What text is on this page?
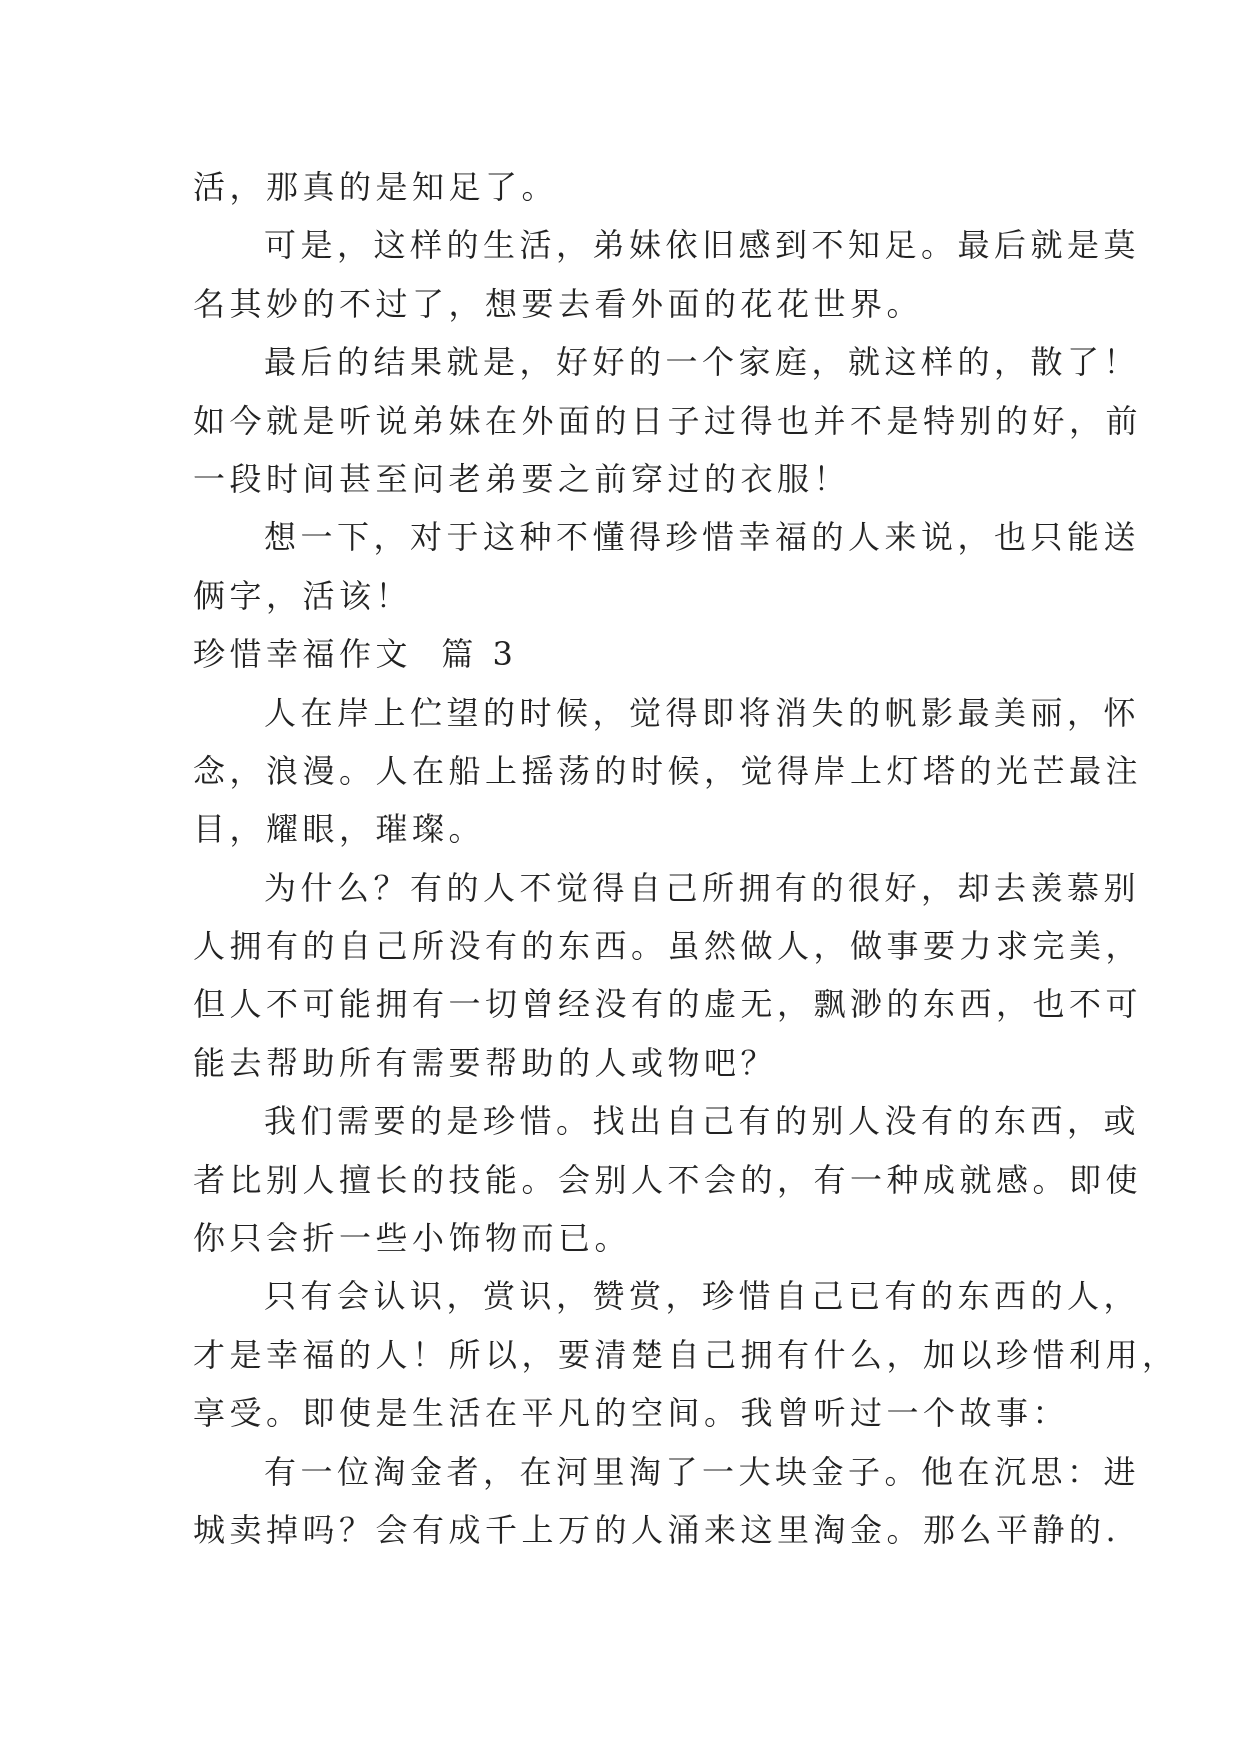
活，那真的是知足了。
可是，这样的生活，弟妹依旧感到不知足。最后就是莫
名其妙的不过了，想要去看外面的花花世界。
最后的结果就是，好好的一个家庭，就这样的，散了！
如今就是听说弟妹在外面的日子过得也并不是特别的好，前
一段时间甚至问老弟要之前穿过的衣服！
想一下，对于这种不懂得珍惜幸福的人来说，也只能送
俩字，活该！
珍惜幸福作文  篇 3
人在岸上伫望的时候，觉得即将消失的帆影最美丽，怀
念，浪漫。人在船上摇荡的时候，觉得岸上灯塔的光芒最注
目，耀眼，璀璨。
为什么？有的人不觉得自己所拥有的很好，却去羡慕别
人拥有的自己所没有的东西。虽然做人，做事要力求完美，
但人不可能拥有一切曾经没有的虚无，飘渺的东西，也不可
能去帮助所有需要帮助的人或物吧？
我们需要的是珍惜。找出自己有的别人没有的东西，或
者比别人擅长的技能。会别人不会的，有一种成就感。即使
你只会折一些小饰物而已。
只有会认识，赏识，赞赏，珍惜自己已有的东西的人，
才是幸福的人！所以，要清楚自己拥有什么，加以珍惜利用，
享受。即使是生活在平凡的空间。我曾听过一个故事：
有一位淘金者，在河里淘了一大块金子。他在沉思：进
城卖掉吗？会有成千上万的人涌来这里淘金。那么平静的.
